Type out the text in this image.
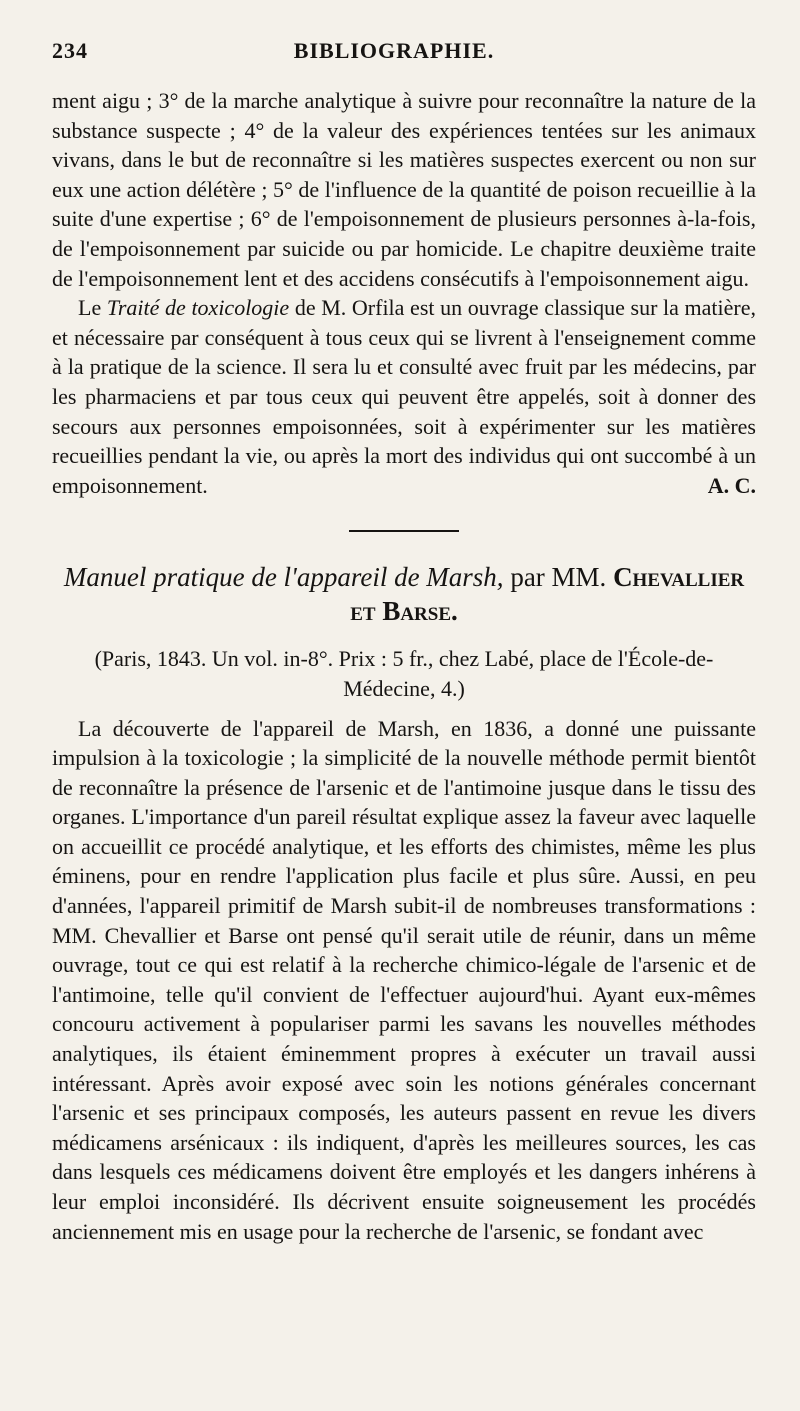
234	BIBLIOGRAPHIE.

ment aigu ; 3° de la marche analytique à suivre pour reconnaître la nature de la substance suspecte ; 4° de la valeur des expériences tentées sur les animaux vivans, dans le but de reconnaître si les matières suspectes exercent ou non sur eux une action délétère ; 5° de l'influence de la quantité de poison recueillie à la suite d'une expertise ; 6° de l'empoisonnement de plusieurs personnes à-la-fois, de l'empoisonnement par suicide ou par homicide. Le chapitre deuxième traite de l'empoisonnement lent et des accidens consécutifs à l'empoisonnement aigu.

Le Traité de toxicologie de M. Orfila est un ouvrage classique sur la matière, et nécessaire par conséquent à tous ceux qui se livrent à l'enseignement comme à la pratique de la science. Il sera lu et consulté avec fruit par les médecins, par les pharmaciens et par tous ceux qui peuvent être appelés, soit à donner des secours aux personnes empoisonnées, soit à expérimenter sur les matières recueillies pendant la vie, ou après la mort des individus qui ont succombé à un empoisonnement.	A. C.

Manuel pratique de l'appareil de Marsh, par MM. Chevallier et Barse.
(Paris, 1843. Un vol. in-8°. Prix : 5 fr., chez Labé, place de l'École-de-Médecine, 4.)

La découverte de l'appareil de Marsh, en 1836, a donné une puissante impulsion à la toxicologie ; la simplicité de la nouvelle méthode permit bientôt de reconnaître la présence de l'arsenic et de l'antimoine jusque dans le tissu des organes. L'importance d'un pareil résultat explique assez la faveur avec laquelle on accueillit ce procédé analytique, et les efforts des chimistes, même les plus éminens, pour en rendre l'application plus facile et plus sûre. Aussi, en peu d'années, l'appareil primitif de Marsh subit-il de nombreuses transformations : MM. Chevallier et Barse ont pensé qu'il serait utile de réunir, dans un même ouvrage, tout ce qui est relatif à la recherche chimico-légale de l'arsenic et de l'antimoine, telle qu'il convient de l'effectuer aujourd'hui. Ayant eux-mêmes concouru activement à populariser parmi les savans les nouvelles méthodes analytiques, ils étaient éminemment propres à exécuter un travail aussi intéressant. Après avoir exposé avec soin les notions générales concernant l'arsenic et ses principaux composés, les auteurs passent en revue les divers médicamens arsénicaux : ils indiquent, d'après les meilleures sources, les cas dans lesquels ces médicamens doivent être employés et les dangers inhérens à leur emploi inconsidéré. Ils décrivent ensuite soigneusement les procédés anciennement mis en usage pour la recherche de l'arsenic, se fondant avec
